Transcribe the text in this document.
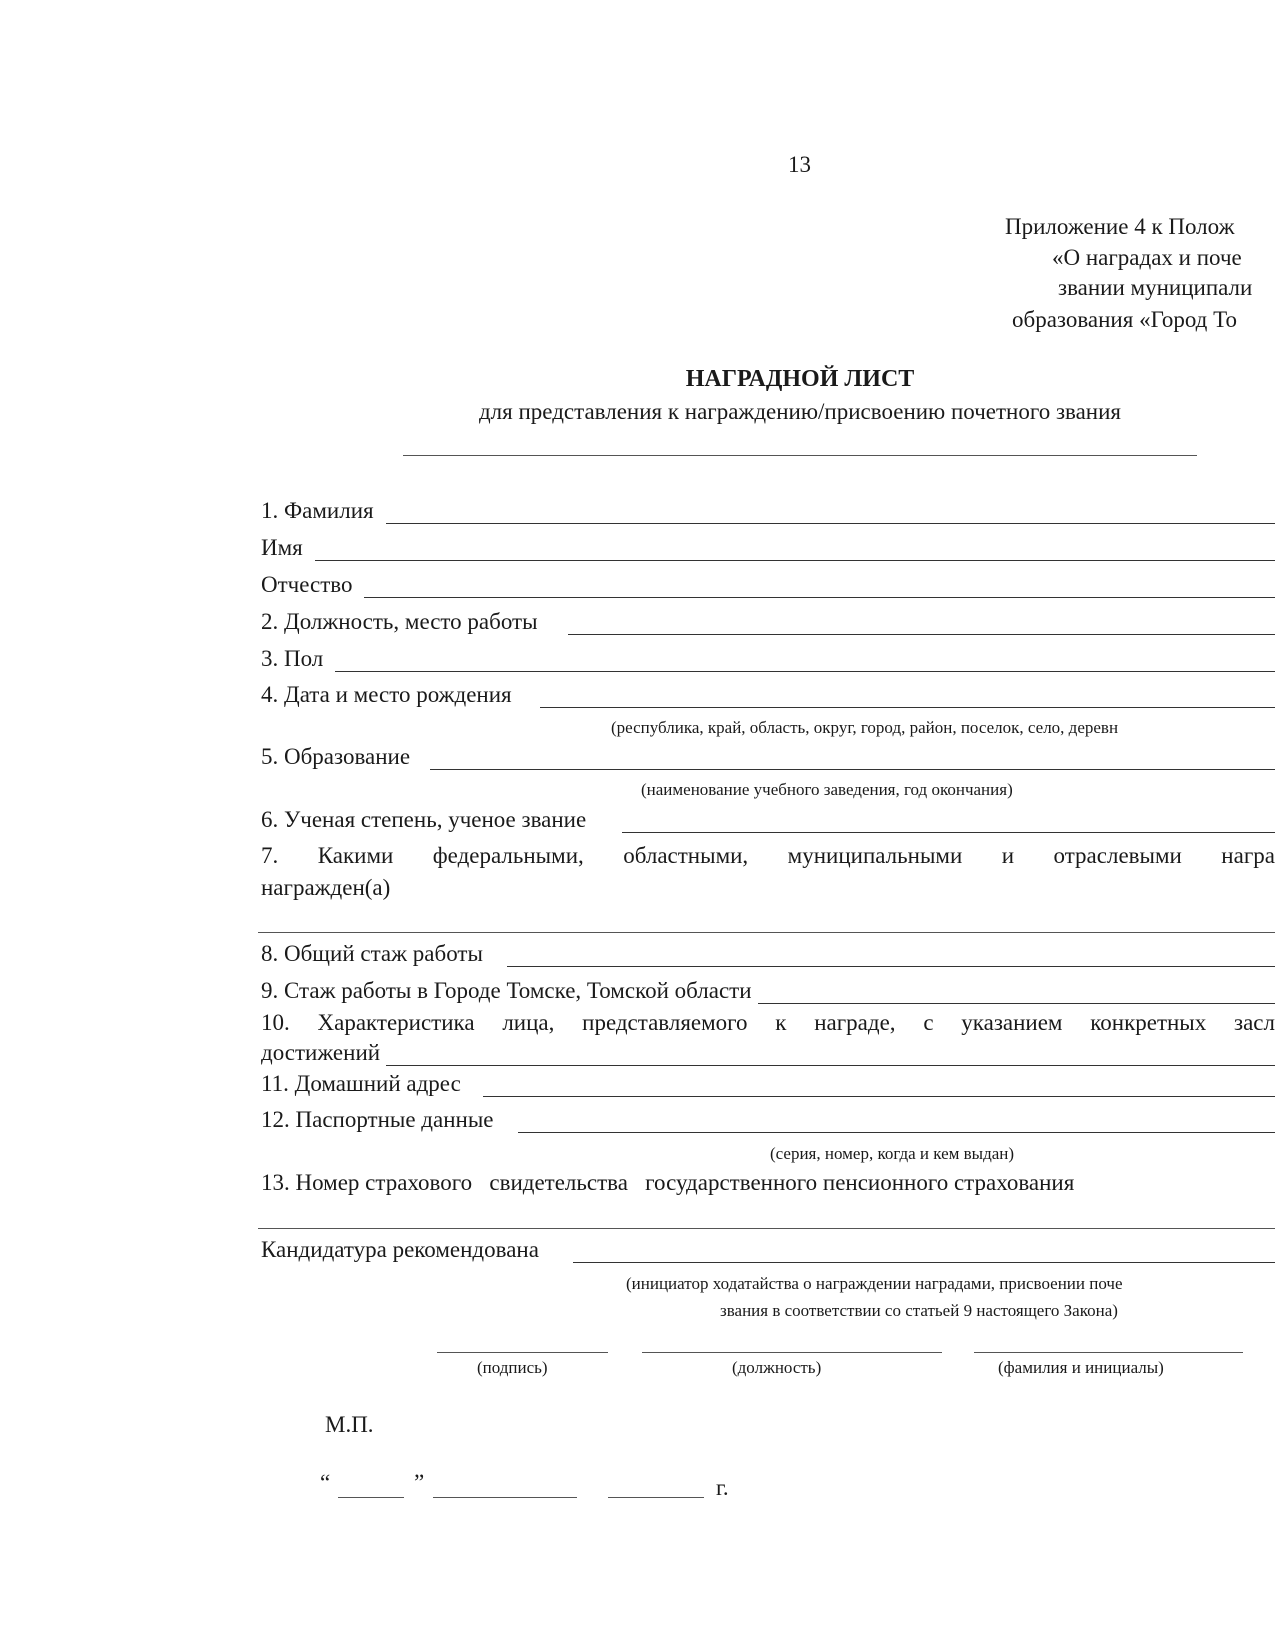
13
Приложение 4 к Полож
«О наградах и поче
звании муниципали
образования «Город То
НАГРАДНОЙ ЛИСТ
для представления к награждению/присвоению почетного звания
1. Фамилия
Имя
Отчество
2. Должность, место работы
3. Пол
4. Дата и место рождения
(республика, край, область, округ, город, район, поселок, село, деревн
5. Образование
(наименование учебного заведения, год окончания)
6. Ученая степень, ученое звание
7. Какими федеральными, областными, муниципальными и отраслевыми награ
награжден(а)
8. Общий стаж работы
9. Стаж работы в Городе Томске, Томской области
10. Характеристика лица, представляемого к награде, с указанием конкретных засл
достижений
11. Домашний адрес
12. Паспортные данные
(серия, номер, когда и кем выдан)
13. Номер страхового   свидетельства   государственного пенсионного страхования
Кандидатура рекомендована
(инициатор ходатайства о награждении наградами, присвоении поче
звания в соответствии со статьей 9 настоящего Закона)
(подпись)	(должность)	(фамилия и инициалы)
М.П.
“	”	г.
